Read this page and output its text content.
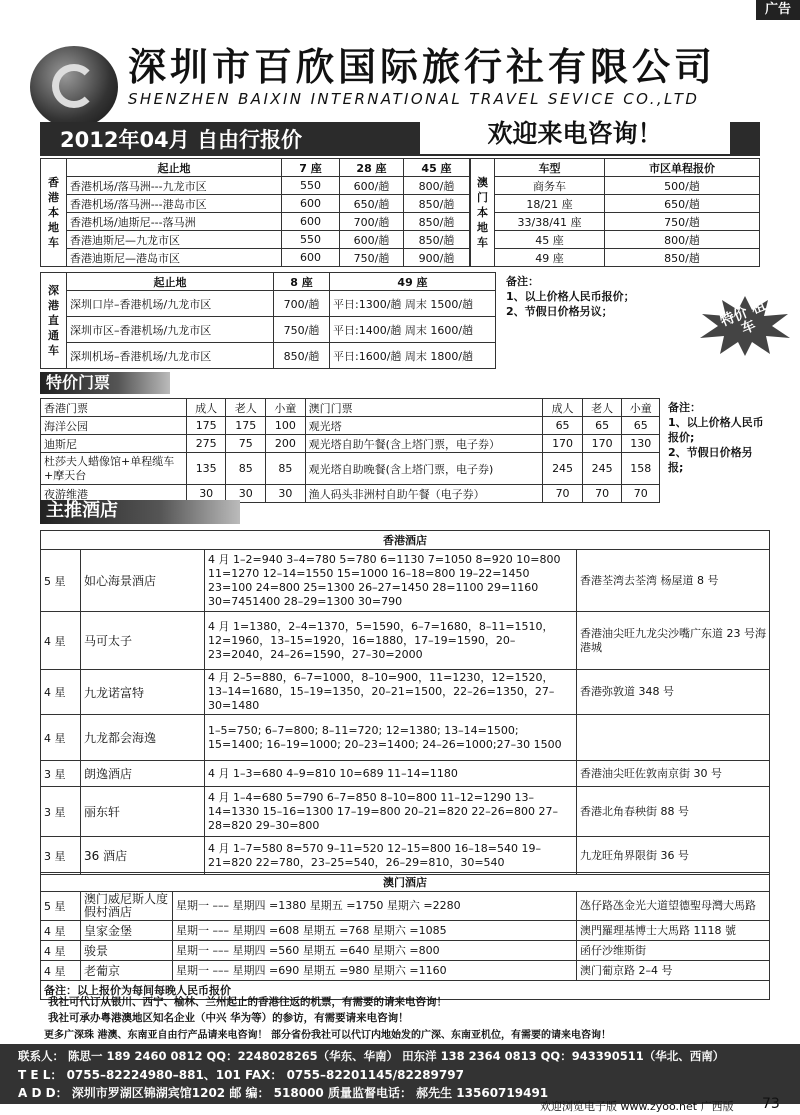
广告
深圳市百欣国际旅行社有限公司
SHENZHEN BAIXIN INTERNATIONAL TRAVEL SEVICE CO.,LTD
2012年04月 自由行报价	欢迎来电咨询！
香港本地车	起止地	7 座	28 座	45 座
	香港机场/落马洲---九龙市区	550	600/趟	800/趟
	香港机场/落马洲---港岛市区	600	650/趟	850/趟
	香港机场/迪斯尼---落马洲	600	700/趟	850/趟
	香港迪斯尼—九龙市区	550	600/趟	850/趟
	香港迪斯尼—港岛市区	600	750/趟	900/趟
澳门本地车	车型	市区单程报价
	商务车	500/趟
	18/21 座	650/趟
	33/38/41 座	750/趟
	45 座	800/趟
	49 座	850/趟
深港直通车	起止地	8 座	49 座
	深圳口岸–香港机场/九龙市区	700/趟	平日:1300/趟 周末 1500/趟
	深圳市区–香港机场/九龙市区	750/趟	平日:1400/趟 周末 1600/趟
	深圳机场–香港机场/九龙市区	850/趟	平日:1600/趟 周末 1800/趟
备注：
1、以上价格人民币报价；
2、节假日价格另议；	特价 租车
特价门票
香港门票	成人	老人	小童	澳门门票	成人	老人	小童
海洋公园	175	175	100	观光塔	65	65	65
迪斯尼	275	75	200	观光塔自助午餐(含上塔门票，电子券）	170	170	130
杜莎夫人蜡像馆+单程缆车+摩天台	135	85	85	观光塔自助晚餐(含上塔门票，电子券)	245	245	158
夜游维港	30	30	30	渔人码头非洲村自助午餐（电子券）	70	70	70
备注：
1、以上价格人民币报价;
2、节假日价格另报;
主推酒店
香港酒店			
5 星	如心海景酒店	4 月 1–2=940 3–4=780 5=780 6=1130 7=1050 8=920 10=800 11=1270 12–14=1550 15=1000 16–18=800 19–22=1450 23=100 24=800 25=1300 26–27=1450 28=1100 29=1160 30=7451400 28–29=1300 30=790	香港荃湾去荃湾 杨屋道 8 号
4 星	马可太子	4 月 1=1380，2–4=1370，5=1590，6–7=1680，8–11=1510，12=1960，13–15=1920，16=1880，17–19=1590，20–23=2040，24–26=1590，27–30=2000	香港油尖旺九龙尖沙嘴广东道 23 号海港城
4 星	九龙诺富特	4 月 2–5=880，6–7=1000，8–10=900，11=1230，12=1520，13–14=1680，15–19=1350，20–21=1500，22–26=1350，27–30=1480	香港弥敦道 348 号
4 星	九龙都会海逸	1–5=750; 6–7=800; 8–11=720; 12=1380; 13–14=1500; 15=1400; 16–19=1000; 20–23=1400; 24–26=1000;27–30 1500	
3 星	朗逸酒店	4 月 1–3=680 4–9=810 10=689 11–14=1180	香港油尖旺佐敦南京街 30 号
3 星	丽东轩	4 月 1–4=680 5=790 6–7=850 8–10=800 11–12=1290 13–14=1330 15–16=1300 17–19=800 20–21=820 22–26=800 27–28=820 29–30=800	香港北角春秧街 88 号
3 星	36 酒店	4 月 1–7=580 8=570 9–11=520 12–15=800 16–18=540 19–21=820 22=780，23–25=540，26–29=810，30=540	九龙旺角界限街 36 号
澳门酒店			
5 星	澳门威尼斯人度假村酒店	星期一 ––– 星期四 =1380 星期五 =1750 星期六 =2280	氹仔路氹金光大道望德聖母灣大馬路
4 星	皇家金堡	星期一 ––– 星期四 =608 星期五 =768 星期六 =1085	澳門羅理基博士大馬路 1118 號
4 星	骏景	星期一 ––– 星期四 =560 星期五 =640 星期六 =800	函仔沙维斯街
4 星	老葡京	星期一 ––– 星期四 =690 星期五 =980 星期六 =1160	澳门葡京路 2–4 号
备注：以上报价为每间每晚人民币报价			
我社可代订从银川、西宁、榆林、兰州起止的香港往返的机票，有需要的请来电咨询！
我社可承办粤港澳地区知名企业（中兴 华为等）的参访，有需要请来电咨询！
更多广深珠 港澳、东南亚自由行产品请来电咨询！ 部分省份我社可以代订内地始发的广深、东南亚机位，有需要的请来电咨询！
联系人： 陈思一 189 2460 0812 QQ：2248028265（华东、华南） 田东洋 138 2364 0813 QQ：943390511（华北、西南）
T E L： 0755–82224980–881、101 FAX： 0755–82201145/82289797
A D D： 深圳市罗湖区锦湖宾馆1202 邮 编： 518000 质量监督电话： 郝先生 13560719491
欢迎浏览电子版 www.zyoo.net 广西版 73
